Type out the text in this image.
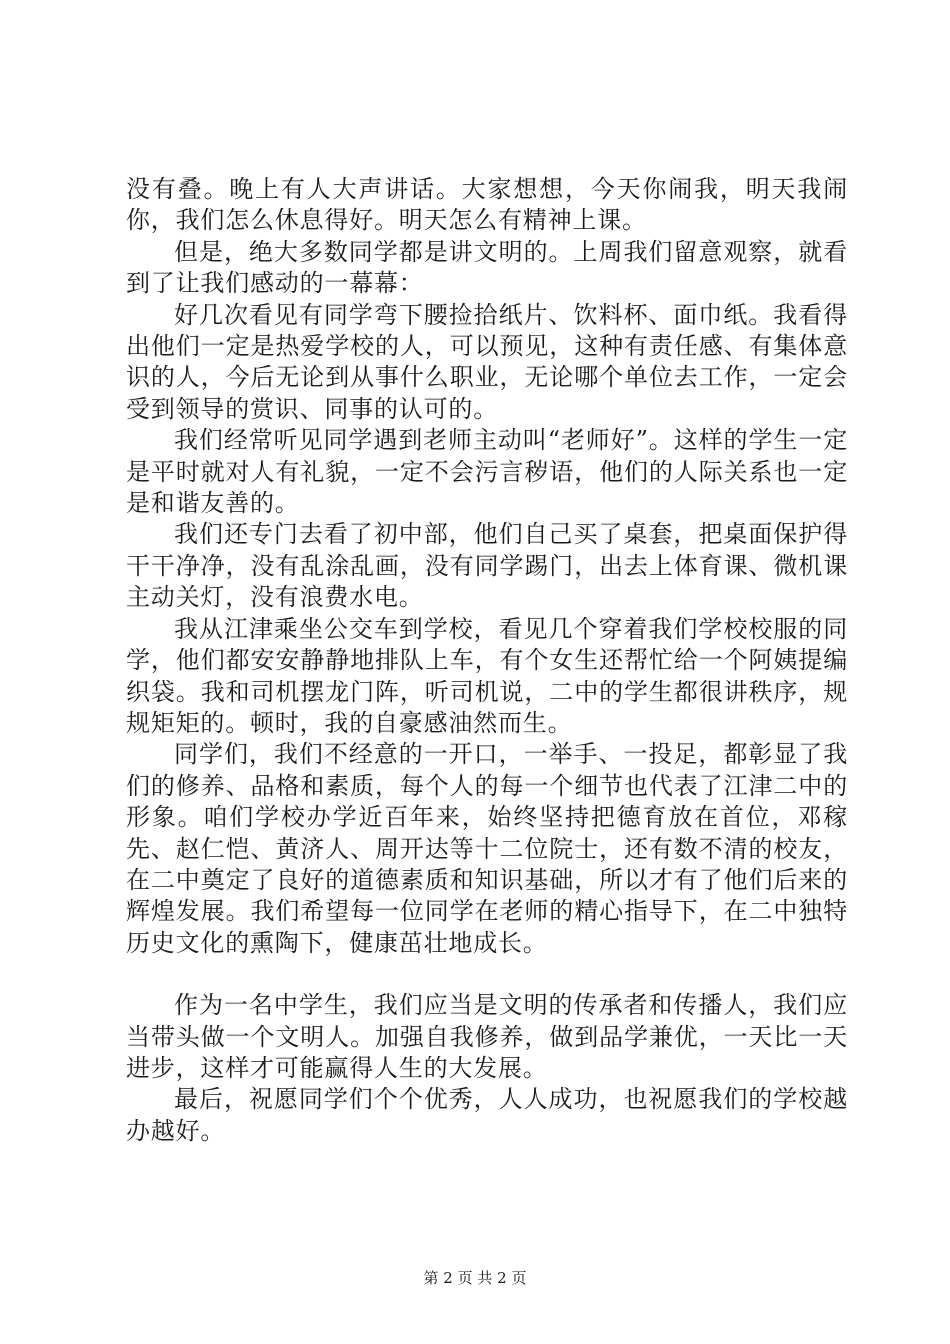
没有叠。晚上有人大声讲话。大家想想，今天你闹我，明天我闹你，我们怎么休息得好。明天怎么有精神上课。

但是，绝大多数同学都是讲文明的。上周我们留意观察，就看到了让我们感动的一幕幕：

好几次看见有同学弯下腰捡拾纸片、饮料杯、面巾纸。我看得出他们一定是热爱学校的人，可以预见，这种有责任感、有集体意识的人，今后无论到从事什么职业，无论哪个单位去工作，一定会受到领导的赏识、同事的认可的。

我们经常听见同学遇到老师主动叫“老师好”。这样的学生一定是平时就对人有礼貌，一定不会污言秽语，他们的人际关系也一定是和谐友善的。

我们还专门去看了初中部，他们自己买了桌套，把桌面保护得干干净净，没有乱涂乱画，没有同学踢门，出去上体育课、微机课主动关灯，没有浪费水电。

我从江津乘坐公交车到学校，看见几个穿着我们学校校服的同学，他们都安安静静地排队上车，有个女生还帮忙给一个阿姨提编织袋。我和司机摆龙门阵，听司机说，二中的学生都很讲秩序，规规矩矩的。顿时，我的自豪感油然而生。

同学们，我们不经意的一开口，一举手、一投足，都彰显了我们的修养、品格和素质，每个人的每一个细节也代表了江津二中的形象。咱们学校办学近百年来，始终坚持把德育放在首位，邓稼先、赵仁恺、黄济人、周开达等十二位院士，还有数不清的校友，在二中奠定了良好的道德素质和知识基础，所以才有了他们后来的辉煌发展。我们希望每一位同学在老师的精心指导下，在二中独特历史文化的熏陶下，健康茁壮地成长。

作为一名中学生，我们应当是文明的传承者和传播人，我们应当带头做一个文明人。加强自我修养，做到品学兼优，一天比一天进步，这样才可能赢得人生的大发展。

最后，祝愿同学们个个优秀，人人成功，也祝愿我们的学校越办越好。

第 2 页 共 2 页
